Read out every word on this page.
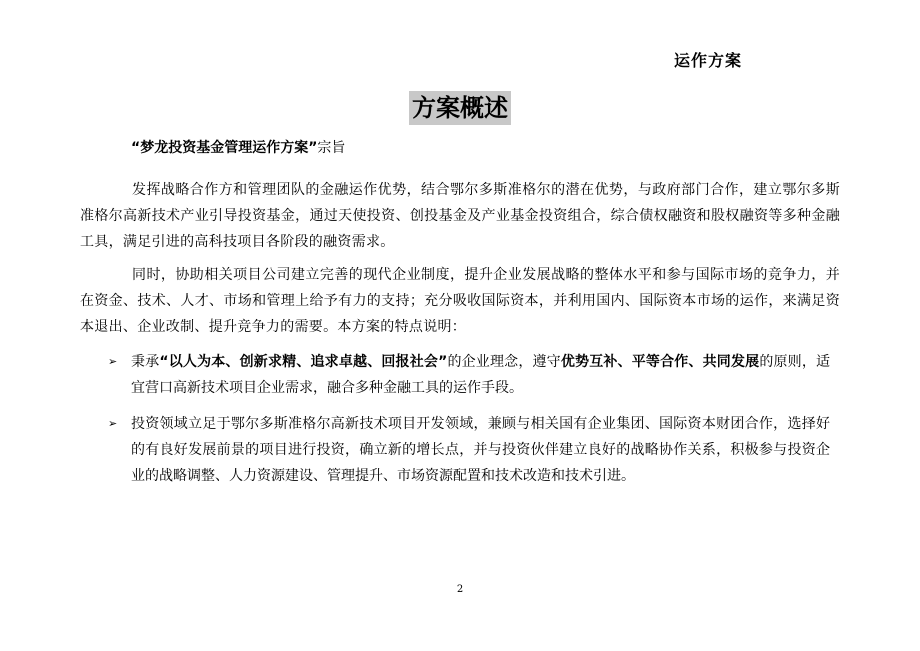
运作方案
方案概述
“梦龙投资基金管理运作方案”宗旨
发挥战略合作方和管理团队的金融运作优势，结合鄂尔多斯准格尔的潜在优势，与政府部门合作，建立鄂尔多斯准格尔高新技术产业引导投资基金，通过天使投资、创投基金及产业基金投资组合，综合债权融资和股权融资等多种金融工具，满足引进的高科技项目各阶段的融资需求。
同时，协助相关项目公司建立完善的现代企业制度，提升企业发展战略的整体水平和参与国际市场的竞争力，并在资金、技术、人才、市场和管理上给予有力的支持；充分吸收国际资本，并利用国内、国际资本市场的运作，来满足资本退出、企业改制、提升竞争力的需要。本方案的特点说明：
➢ 秉承“以人为本、创新求精、追求卓越、回报社会”的企业理念，遵守优势互补、平等合作、共同发展的原则，适宜营口高新技术项目企业需求，融合多种金融工具的运作手段。
➢ 投资领域立足于鄂尔多斯准格尔高新技术项目开发领域，兼顾与相关国有企业集团、国际资本财团合作，选择好的有良好发展前景的项目进行投资，确立新的增长点，并与投资伙伴建立良好的战略协作关系，积极参与投资企业的战略调整、人力资源建设、管理提升、市场资源配置和技术改造和技术引进。
2
